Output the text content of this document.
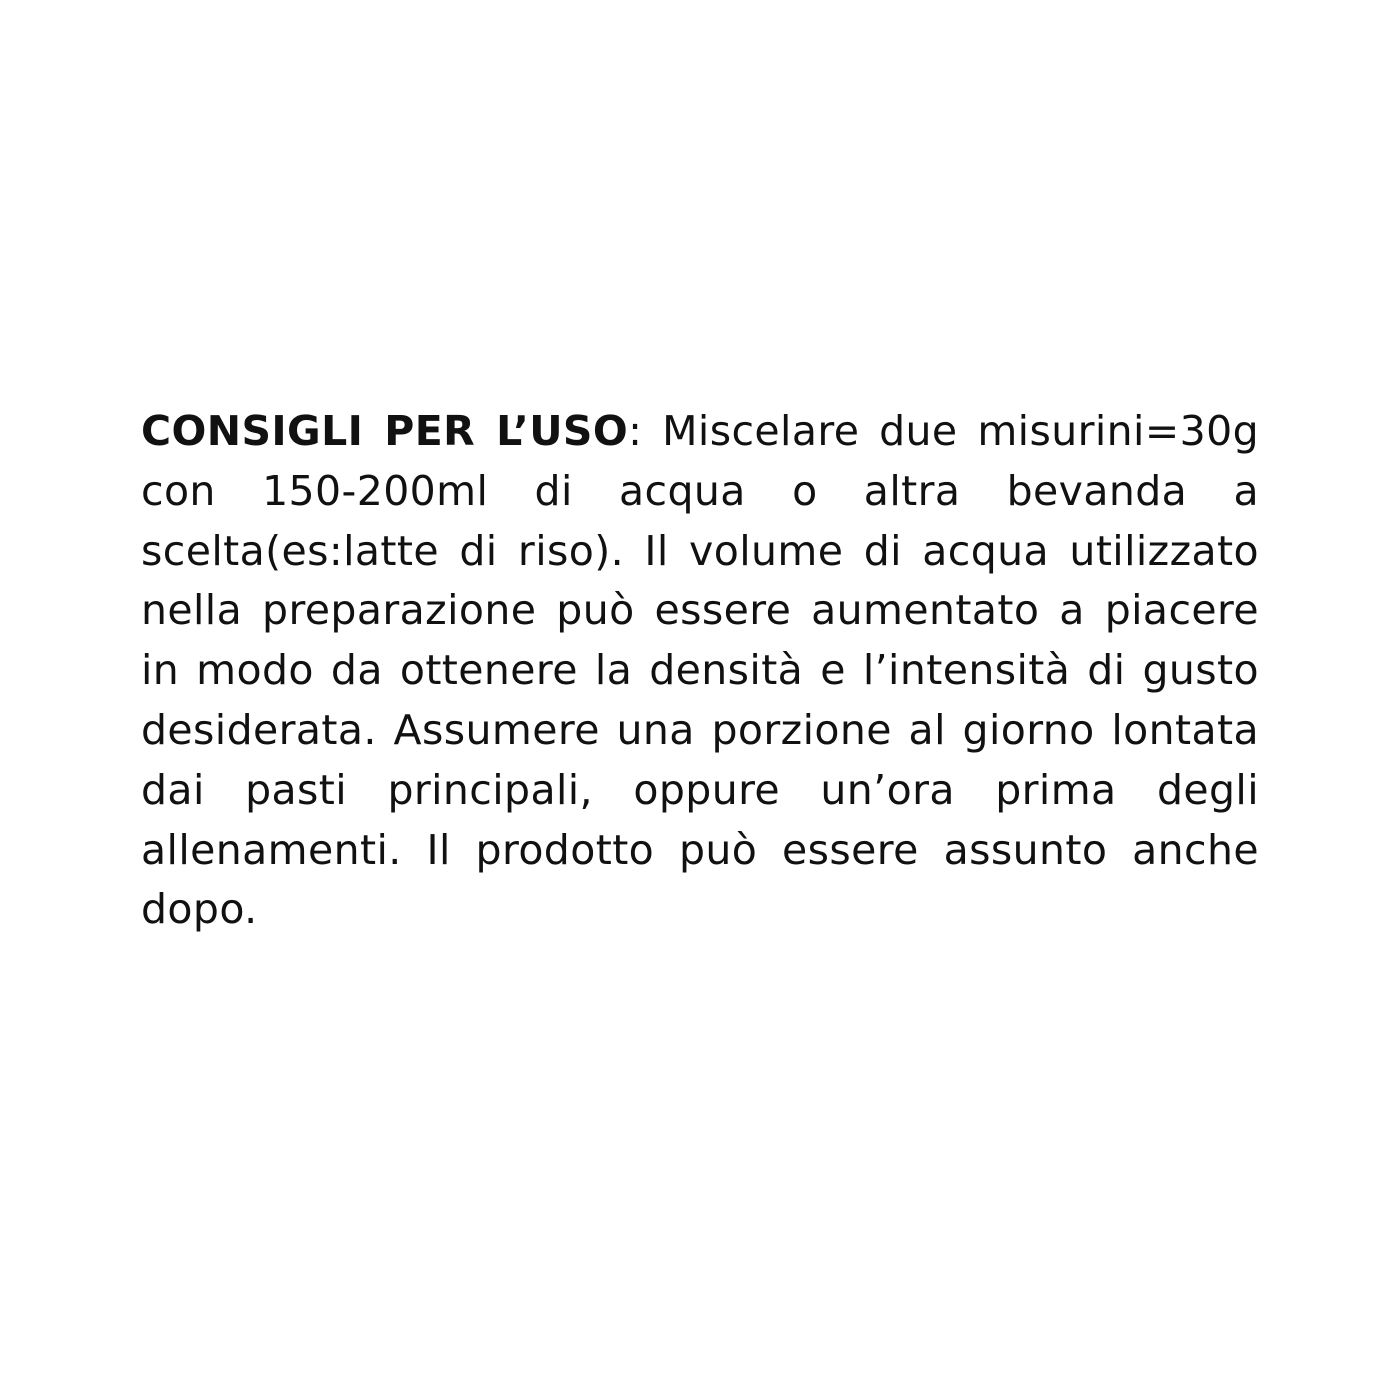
CONSIGLI PER L’USO: Miscelare due misurini=30g con 150-200ml di acqua o altra bevanda a scelta(es:latte di riso). Il volume di acqua utilizzato nella preparazione può essere aumentato a piacere in modo da ottenere la densità e l’intensità di gusto desiderata. Assumere una porzione al giorno lontata dai pasti principali, oppure un’ora prima degli allenamenti. Il prodotto può essere assunto anche dopo.
